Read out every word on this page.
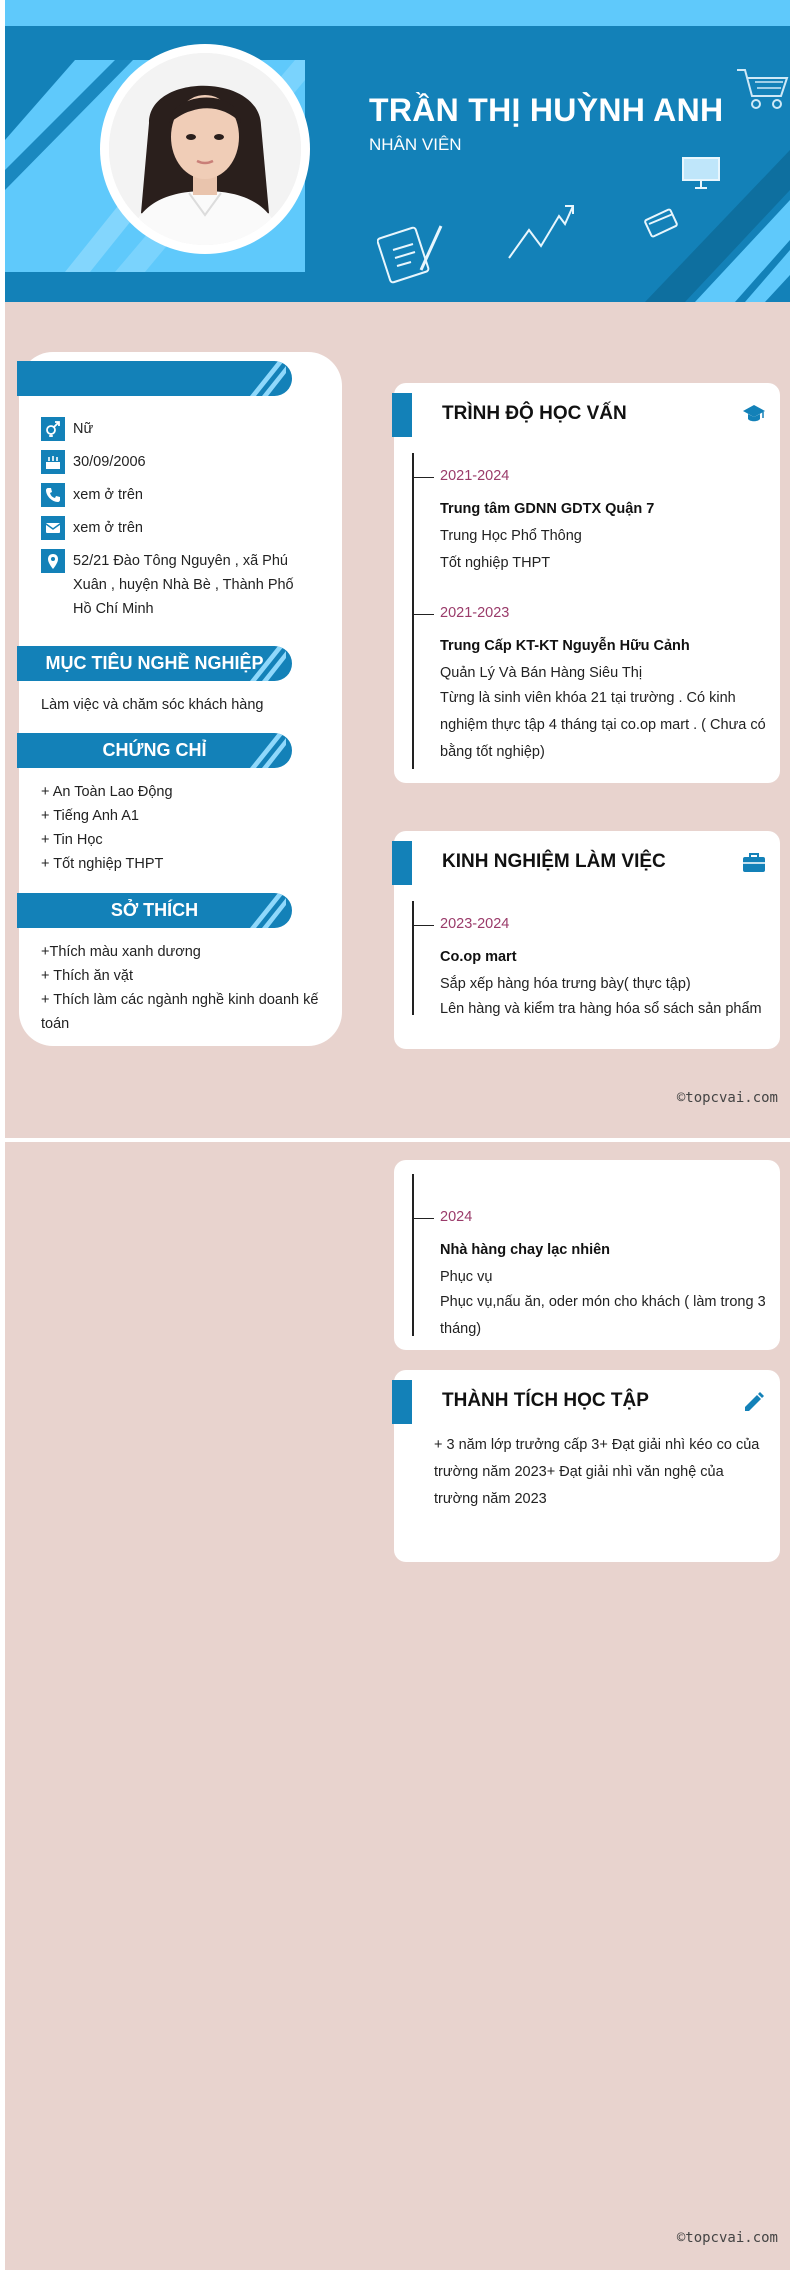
TRẦN THỊ HUỲNH ANH
NHÂN VIÊN
Nữ
30/09/2006
xem ở trên
xem ở trên
52/21 Đào Tông Nguyên , xã Phú Xuân , huyện Nhà Bè , Thành Phố Hồ Chí Minh
MỤC TIÊU NGHỀ NGHIỆP
Làm việc và chăm sóc khách hàng
CHỨNG CHỈ
+ An Toàn Lao Động
+ Tiếng Anh A1
+ Tin Học
+ Tốt nghiệp THPT
SỞ THÍCH
+Thích màu xanh dương
+ Thích ăn vặt
+ Thích làm các ngành nghề kinh doanh kế toán
TRÌNH ĐỘ HỌC VẤN
2021-2024
Trung tâm GDNN GDTX Quận 7
Trung Học Phổ Thông
Tốt nghiệp THPT
2021-2023
Trung Cấp KT-KT Nguyễn Hữu Cảnh
Quản Lý Và Bán Hàng Siêu Thị
Từng là sinh viên khóa 21 tại trường . Có kinh nghiệm thực tập 4 tháng tại co.op mart . ( Chưa có bằng tốt nghiệp)
KINH NGHIỆM LÀM VIỆC
2023-2024
Co.op mart
Sắp xếp hàng hóa trưng bày( thực tập)
Lên hàng và kiểm tra hàng hóa sổ sách sản phẩm
©topcvai.com
2024
Nhà hàng chay lạc nhiên
Phục vụ
Phục vụ,nấu ăn, oder món cho khách ( làm trong 3 tháng)
THÀNH TÍCH HỌC TẬP
+ 3 năm lớp trưởng cấp 3+ Đạt giải nhì kéo co của trường năm 2023+ Đạt giải nhì văn nghệ của trường năm 2023
©topcvai.com
